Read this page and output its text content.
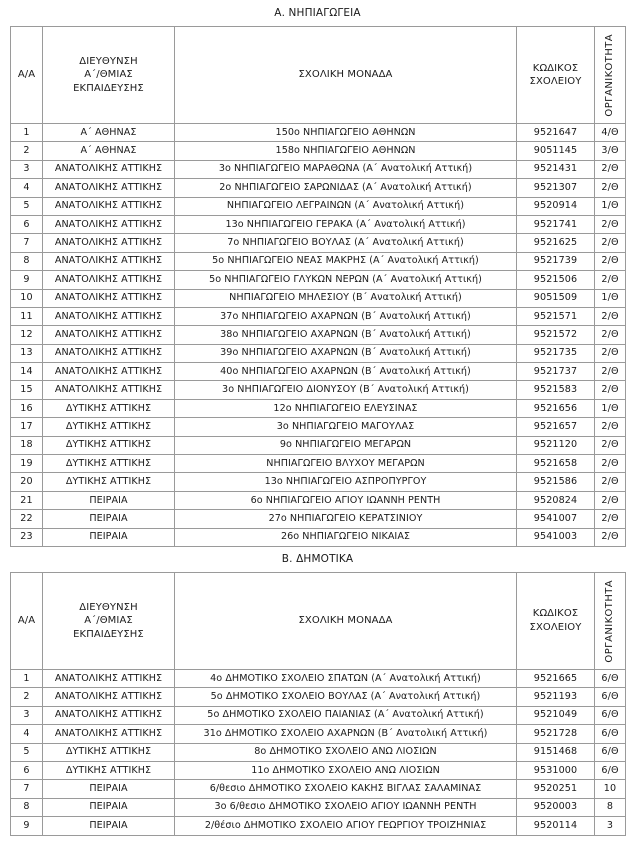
Α. ΝΗΠΙΑΓΩΓΕΙΑ
Α/Α	ΔΙΕΥΘΥΝΣΗ
Α΄/ΘΜΙΑΣ
ΕΚΠΑΙΔΕΥΣΗΣ	ΣΧΟΛΙΚΗ ΜΟΝΑΔΑ	ΚΩΔΙΚΟΣ
ΣΧΟΛΕΙΟΥ	ΟΡΓΑΝΙΚΟΤΗΤΑ

1	Α΄ ΑΘΗΝΑΣ	150ο ΝΗΠΙΑΓΩΓΕΙΟ ΑΘΗΝΩΝ	9521647	4/Θ
2	Α΄ ΑΘΗΝΑΣ	158ο ΝΗΠΙΑΓΩΓΕΙΟ ΑΘΗΝΩΝ	9051145	3/Θ
3	ΑΝΑΤΟΛΙΚΗΣ ΑΤΤΙΚΗΣ	3ο ΝΗΠΙΑΓΩΓΕΙΟ ΜΑΡΑΘΩΝΑ (Α΄ Ανατολική Αττική)	9521431	2/Θ
4	ΑΝΑΤΟΛΙΚΗΣ ΑΤΤΙΚΗΣ	2ο ΝΗΠΙΑΓΩΓΕΙΟ ΣΑΡΩΝΙΔΑΣ (Α΄ Ανατολική Αττική)	9521307	2/Θ
5	ΑΝΑΤΟΛΙΚΗΣ ΑΤΤΙΚΗΣ	ΝΗΠΙΑΓΩΓΕΙΟ ΛΕΓΡΑΙΝΩΝ (Α΄ Ανατολική Αττική)	9520914	1/Θ
6	ΑΝΑΤΟΛΙΚΗΣ ΑΤΤΙΚΗΣ	13ο ΝΗΠΙΑΓΩΓΕΙΟ ΓΕΡΑΚΑ (Α΄ Ανατολική Αττική)	9521741	2/Θ
7	ΑΝΑΤΟΛΙΚΗΣ ΑΤΤΙΚΗΣ	7ο ΝΗΠΙΑΓΩΓΕΙΟ ΒΟΥΛΑΣ (Α΄ Ανατολική Αττική)	9521625	2/Θ
8	ΑΝΑΤΟΛΙΚΗΣ ΑΤΤΙΚΗΣ	5ο ΝΗΠΙΑΓΩΓΕΙΟ ΝΕΑΣ ΜΑΚΡΗΣ (Α΄ Ανατολική Αττική)	9521739	2/Θ
9	ΑΝΑΤΟΛΙΚΗΣ ΑΤΤΙΚΗΣ	5ο ΝΗΠΙΑΓΩΓΕΙΟ ΓΛΥΚΩΝ ΝΕΡΩΝ (Α΄ Ανατολική Αττική)	9521506	2/Θ
10	ΑΝΑΤΟΛΙΚΗΣ ΑΤΤΙΚΗΣ	ΝΗΠΙΑΓΩΓΕΙΟ ΜΗΛΕΣΙΟΥ (Β΄ Ανατολική Αττική)	9051509	1/Θ
11	ΑΝΑΤΟΛΙΚΗΣ ΑΤΤΙΚΗΣ	37ο ΝΗΠΙΑΓΩΓΕΙΟ ΑΧΑΡΝΩΝ (Β΄ Ανατολική Αττική)	9521571	2/Θ
12	ΑΝΑΤΟΛΙΚΗΣ ΑΤΤΙΚΗΣ	38ο ΝΗΠΙΑΓΩΓΕΙΟ ΑΧΑΡΝΩΝ (Β΄ Ανατολική Αττική)	9521572	2/Θ
13	ΑΝΑΤΟΛΙΚΗΣ ΑΤΤΙΚΗΣ	39ο ΝΗΠΙΑΓΩΓΕΙΟ ΑΧΑΡΝΩΝ (Β΄ Ανατολική Αττική)	9521735	2/Θ
14	ΑΝΑΤΟΛΙΚΗΣ ΑΤΤΙΚΗΣ	40ο ΝΗΠΙΑΓΩΓΕΙΟ ΑΧΑΡΝΩΝ (Β΄ Ανατολική Αττική)	9521737	2/Θ
15	ΑΝΑΤΟΛΙΚΗΣ ΑΤΤΙΚΗΣ	3ο ΝΗΠΙΑΓΩΓΕΙΟ ΔΙΟΝΥΣΟΥ (Β΄ Ανατολική Αττική)	9521583	2/Θ
16	ΔΥΤΙΚΗΣ ΑΤΤΙΚΗΣ	12ο ΝΗΠΙΑΓΩΓΕΙΟ ΕΛΕΥΣΙΝΑΣ	9521656	1/Θ
17	ΔΥΤΙΚΗΣ ΑΤΤΙΚΗΣ	3ο ΝΗΠΙΑΓΩΓΕΙΟ ΜΑΓΟΥΛΑΣ	9521657	2/Θ
18	ΔΥΤΙΚΗΣ ΑΤΤΙΚΗΣ	9ο ΝΗΠΙΑΓΩΓΕΙΟ ΜΕΓΑΡΩΝ	9521120	2/Θ
19	ΔΥΤΙΚΗΣ ΑΤΤΙΚΗΣ	ΝΗΠΙΑΓΩΓΕΙΟ ΒΛΥΧΟΥ ΜΕΓΑΡΩΝ	9521658	2/Θ
20	ΔΥΤΙΚΗΣ ΑΤΤΙΚΗΣ	13ο ΝΗΠΙΑΓΩΓΕΙΟ ΑΣΠΡΟΠΥΡΓΟΥ	9521586	2/Θ
21	ΠΕΙΡΑΙΑ	6ο ΝΗΠΙΑΓΩΓΕΙΟ ΑΓΙΟΥ ΙΩΑΝΝΗ ΡΕΝΤΗ	9520824	2/Θ
22	ΠΕΙΡΑΙΑ	27ο ΝΗΠΙΑΓΩΓΕΙΟ ΚΕΡΑΤΣΙΝΙΟΥ	9541007	2/Θ
23	ΠΕΙΡΑΙΑ	26ο ΝΗΠΙΑΓΩΓΕΙΟ ΝΙΚΑΙΑΣ	9541003	2/Θ
Β. ΔΗΜΟΤΙΚΑ
Α/Α	ΔΙΕΥΘΥΝΣΗ
Α΄/ΘΜΙΑΣ
ΕΚΠΑΙΔΕΥΣΗΣ	ΣΧΟΛΙΚΗ ΜΟΝΑΔΑ	ΚΩΔΙΚΟΣ
ΣΧΟΛΕΙΟΥ	ΟΡΓΑΝΙΚΟΤΗΤΑ

1	ΑΝΑΤΟΛΙΚΗΣ ΑΤΤΙΚΗΣ	4ο ΔΗΜΟΤΙΚΟ ΣΧΟΛΕΙΟ ΣΠΑΤΩΝ (Α΄ Ανατολική Αττική)	9521665	6/Θ
2	ΑΝΑΤΟΛΙΚΗΣ ΑΤΤΙΚΗΣ	5ο ΔΗΜΟΤΙΚΟ ΣΧΟΛΕΙΟ ΒΟΥΛΑΣ (Α΄ Ανατολική Αττική)	9521193	6/Θ
3	ΑΝΑΤΟΛΙΚΗΣ ΑΤΤΙΚΗΣ	5ο ΔΗΜΟΤΙΚΟ ΣΧΟΛΕΙΟ ΠΑΙΑΝΙΑΣ (Α΄ Ανατολική Αττική)	9521049	6/Θ
4	ΑΝΑΤΟΛΙΚΗΣ ΑΤΤΙΚΗΣ	31ο ΔΗΜΟΤΙΚΟ ΣΧΟΛΕΙΟ ΑΧΑΡΝΩΝ (Β΄ Ανατολική Αττική)	9521728	6/Θ
5	ΔΥΤΙΚΗΣ ΑΤΤΙΚΗΣ	8ο ΔΗΜΟΤΙΚΟ ΣΧΟΛΕΙΟ ΑΝΩ ΛΙΟΣΙΩΝ	9151468	6/Θ
6	ΔΥΤΙΚΗΣ ΑΤΤΙΚΗΣ	11ο ΔΗΜΟΤΙΚΟ ΣΧΟΛΕΙΟ ΑΝΩ ΛΙΟΣΙΩΝ	9531000	6/Θ
7	ΠΕΙΡΑΙΑ	6/θεσιο ΔΗΜΟΤΙΚΟ ΣΧΟΛΕΙΟ ΚΑΚΗΣ ΒΙΓΛΑΣ ΣΑΛΑΜΙΝΑΣ	9520251	10
8	ΠΕΙΡΑΙΑ	3ο 6/θεσιο ΔΗΜΟΤΙΚΟ ΣΧΟΛΕΙΟ ΑΓΙΟΥ ΙΩΑΝΝΗ ΡΕΝΤΗ	9520003	8
9	ΠΕΙΡΑΙΑ	2/θέσιο ΔΗΜΟΤΙΚΟ ΣΧΟΛΕΙΟ ΑΓΙΟΥ ΓΕΩΡΓΙΟΥ ΤΡΟΙΖΗΝΙΑΣ	9520114	3
